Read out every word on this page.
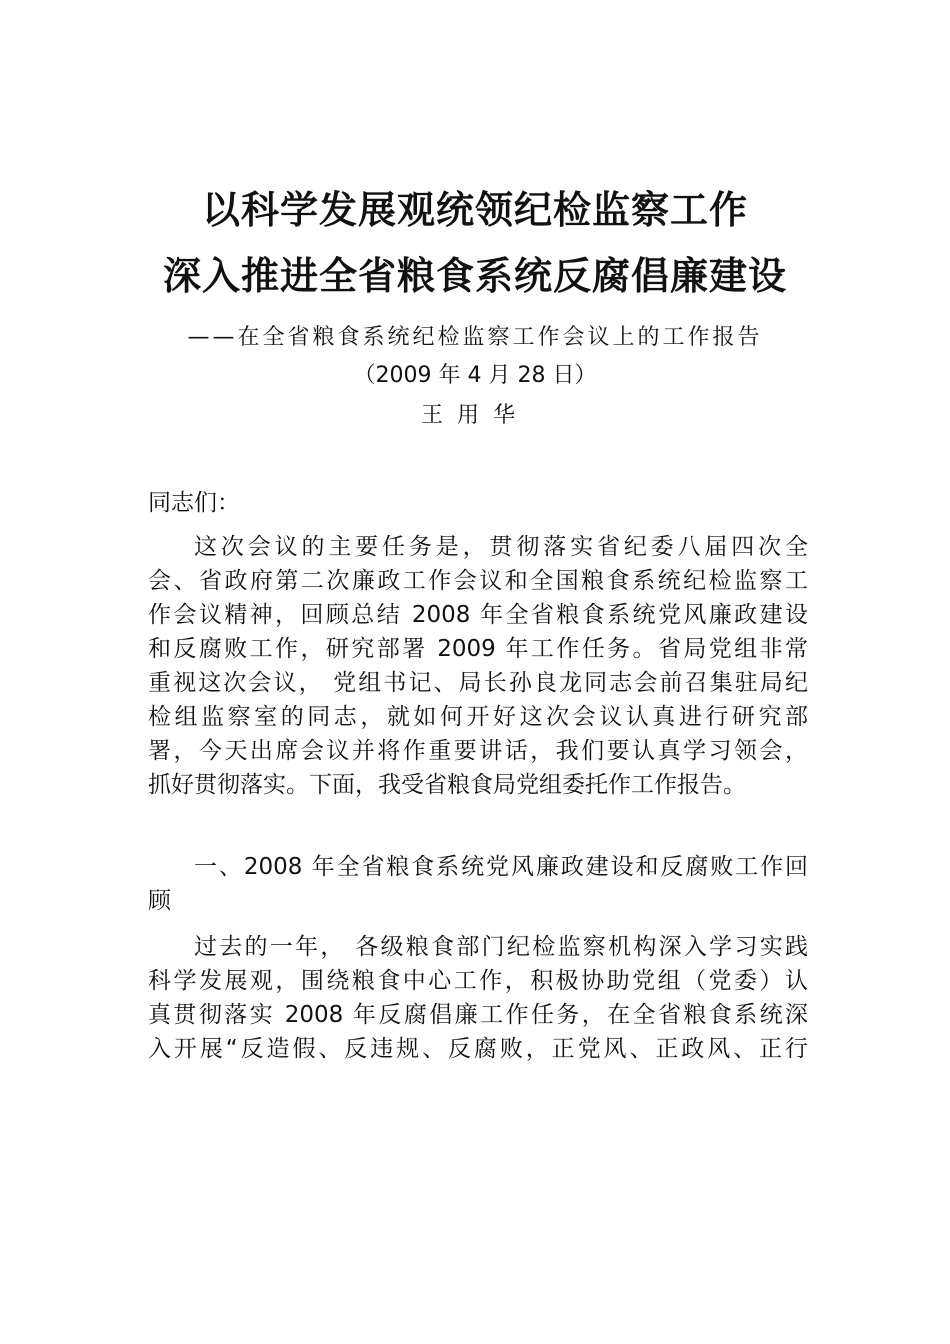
以科学发展观统领纪检监察工作
深入推进全省粮食系统反腐倡廉建设
——在全省粮食系统纪检监察工作会议上的工作报告
（2009 年 4 月 28 日）
王用华
同志们：
这次会议的主要任务是，贯彻落实省纪委八届四次全
会、省政府第二次廉政工作会议和全国粮食系统纪检监察工
作会议精神，回顾总结 2008 年全省粮食系统党风廉政建设
和反腐败工作，研究部署 2009 年工作任务。省局党组非常
重视这次会议， 党组书记、局长孙良龙同志会前召集驻局纪
检组监察室的同志，就如何开好这次会议认真进行研究部
署，今天出席会议并将作重要讲话，我们要认真学习领会，
抓好贯彻落实。下面，我受省粮食局党组委托作工作报告。
一、2008 年全省粮食系统党风廉政建设和反腐败工作回
顾
过去的一年， 各级粮食部门纪检监察机构深入学习实践
科学发展观，围绕粮食中心工作，积极协助党组（党委）认
真贯彻落实 2008 年反腐倡廉工作任务，在全省粮食系统深
入开展“反造假、反违规、反腐败，正党风、正政风、正行
